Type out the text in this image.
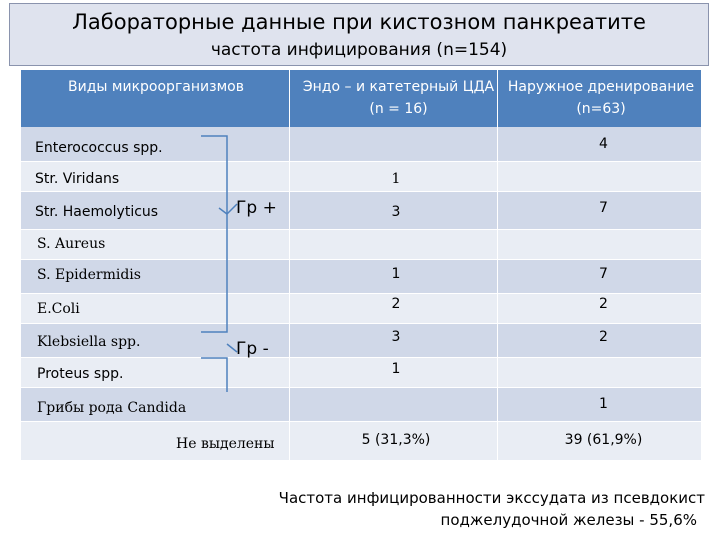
Лабораторные данные при кистозном панкреатите
частота инфицирования (n=154)
Виды микроорганизмов	Эндо – и катетерный ЦДА (n = 16)
Наружное дренирование (n=63)
Enterococcus spp.
Str. Viridans
Str. Haemolyticus
S. Aureus
S. Epidermidis
E.Coli
Klebsiella spp.
Proteus spp.
Грибы рода Candida
Не выделены
1
3
1
2
3
1
5 (31,3%)
4
7
7
2
2
1
39 (61,9%)
Гр +
Гр -
Частота инфицированности экссудата из псевдокист
поджелудочной железы - 55,6%
